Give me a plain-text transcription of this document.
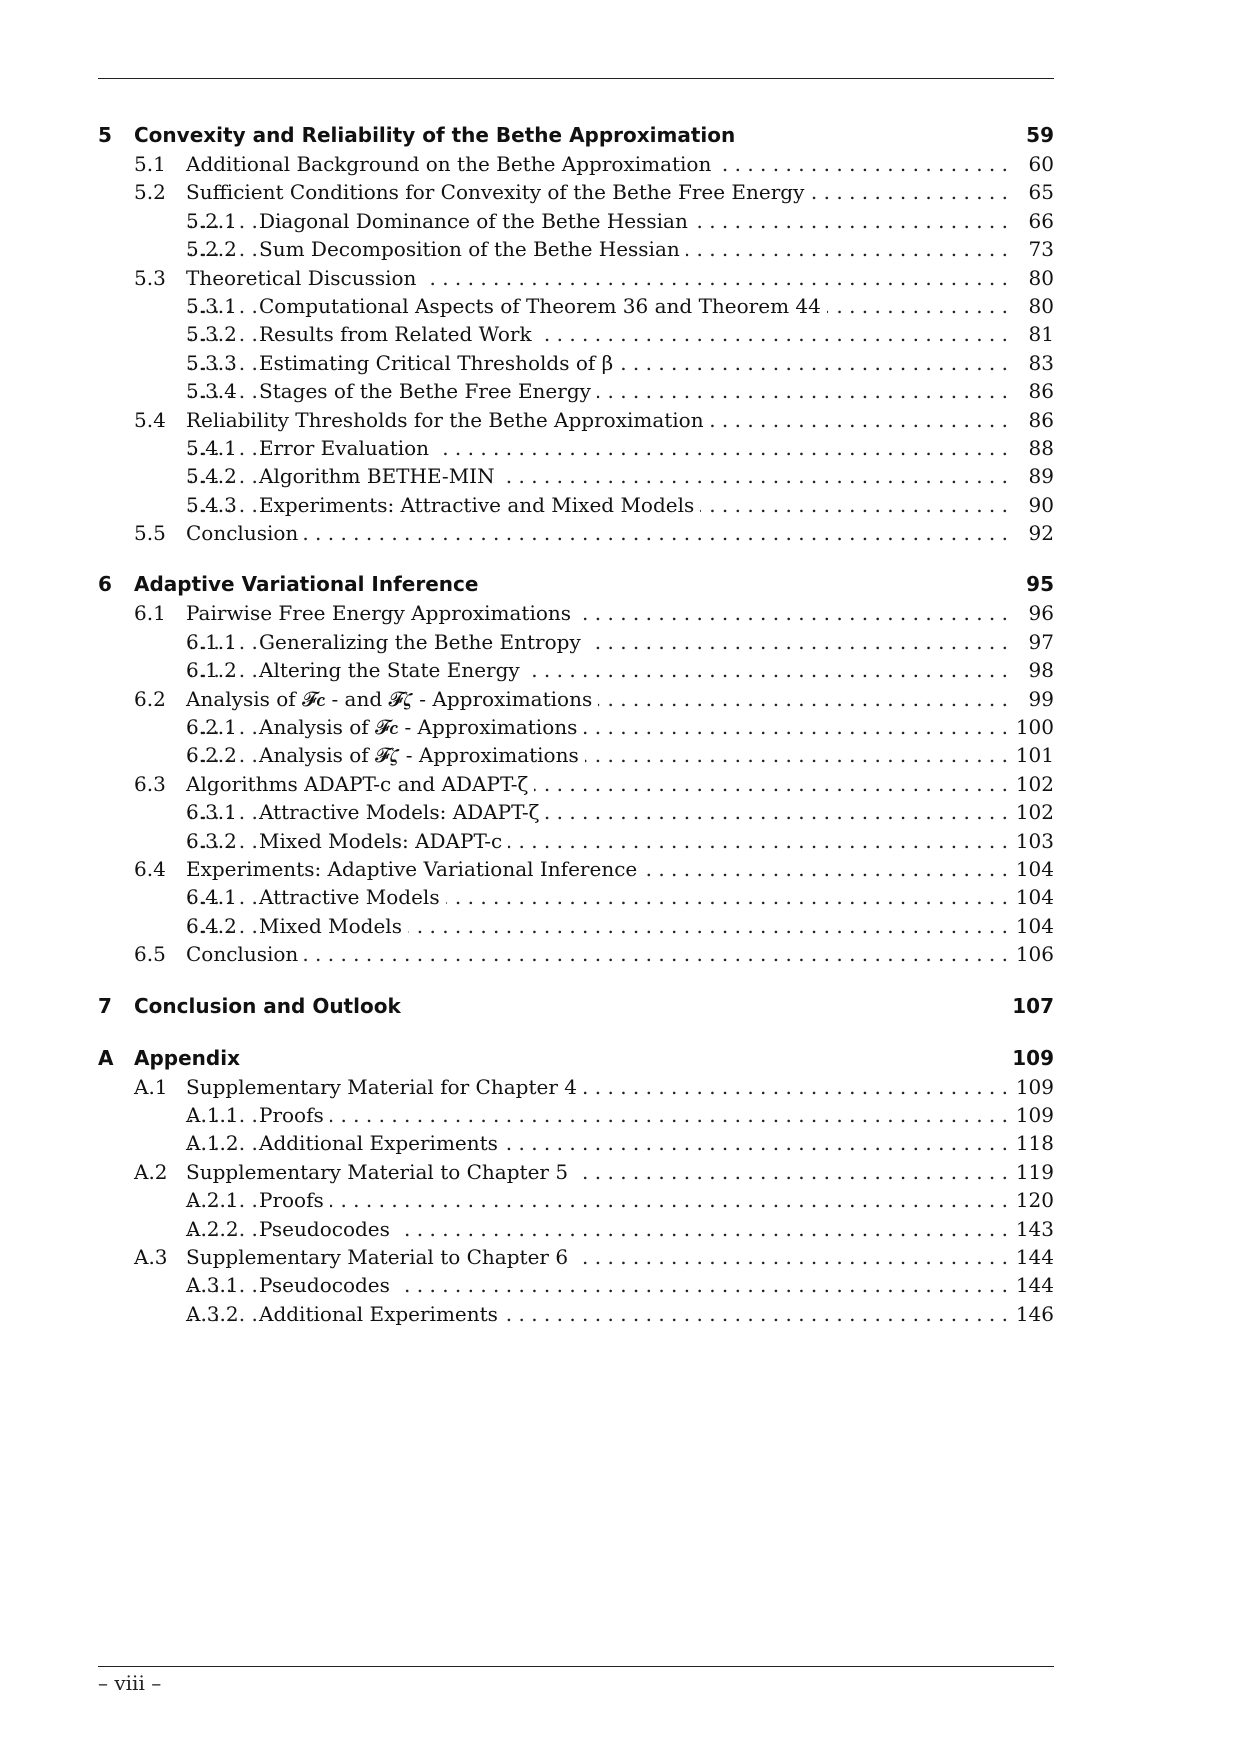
5 Convexity and Reliability of the Bethe Approximation	59
5.1 . . . Additional Background on the Bethe Approximation	60
5.2 . . . Sufficient Conditions for Convexity of the Bethe Free Energy	65
5.2.1 . . . Diagonal Dominance of the Bethe Hessian	66
5.2.2 . . . Sum Decomposition of the Bethe Hessian	73
5.3 . . . Theoretical Discussion	80
5.3.1 . . . Computational Aspects of Theorem 36 and Theorem 44	80
5.3.2 . . . Results from Related Work	81
5.3.3 . . . Estimating Critical Thresholds of β	83
5.3.4 . . . Stages of the Bethe Free Energy	86
5.4 . . . Reliability Thresholds for the Bethe Approximation	86
5.4.1 . . . Error Evaluation	88
5.4.2 . . . Algorithm BETHE-MIN	89
5.4.3 . . . Experiments: Attractive and Mixed Models	90
5.5 . . . Conclusion	92
6 Adaptive Variational Inference	95
6.1 . . . Pairwise Free Energy Approximations	96
6.1.1 . . . Generalizing the Bethe Entropy	97
6.1.2 . . . Altering the State Energy	98
6.2 . . . Analysis of 𝓕𝒄 - and 𝓕𝜻 - Approximations	99
6.2.1 . . . Analysis of 𝓕𝒄 - Approximations	100
6.2.2 . . . Analysis of 𝓕𝜻 - Approximations	101
6.3 . . . Algorithms ADAPT-c and ADAPT-ζ	102
6.3.1 . . . Attractive Models: ADAPT-ζ	102
6.3.2 . . . Mixed Models: ADAPT-c	103
6.4 . . . Experiments: Adaptive Variational Inference	104
6.4.1 . . . Attractive Models	104
6.4.2 . . . Mixed Models	104
6.5 . . . Conclusion	106
7 Conclusion and Outlook	107
A Appendix	109
A.1 . . . Supplementary Material for Chapter 4	109
A.1.1 . . . Proofs	109
A.1.2 . . . Additional Experiments	118
A.2 . . . Supplementary Material to Chapter 5	119
A.2.1 . . . Proofs	120
A.2.2 . . . Pseudocodes	143
A.3 . . . Supplementary Material to Chapter 6	144
A.3.1 . . . Pseudocodes	144
A.3.2 . . . Additional Experiments	146
– viii –
